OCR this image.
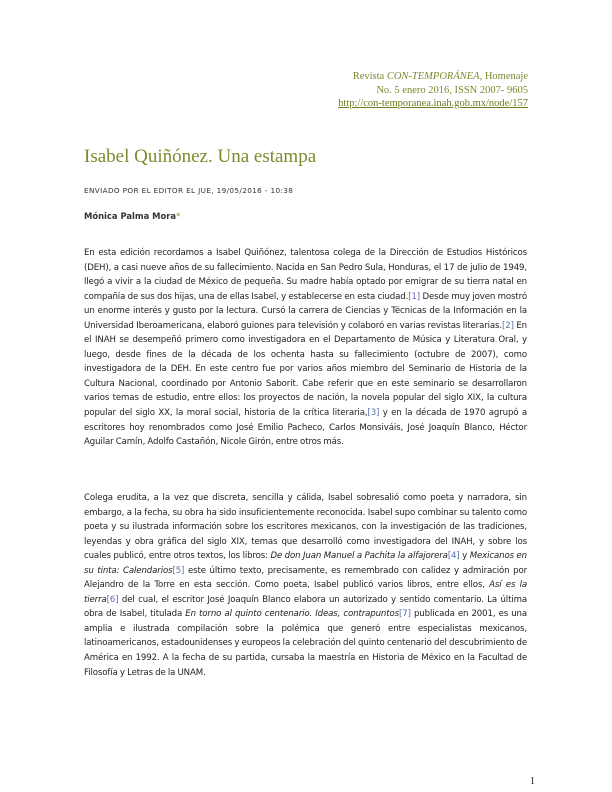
Revista CON-TEMPORÁNEA, Homenaje
No. 5 enero 2016, ISSN 2007- 9605
http://con-temporanea.inah.gob.mx/node/157
Isabel Quiñónez. Una estampa
ENVIADO POR EL EDITOR EL JUE, 19/05/2016 - 10:38
Mónica Palma Mora*
En esta edición recordamos a Isabel Quiñónez, talentosa colega de la Dirección de Estudios Históricos (DEH), a casi nueve años de su fallecimiento. Nacida en San Pedro Sula, Honduras, el 17 de julio de 1949, llegó a vivir a la ciudad de México de pequeña. Su madre había optado por emigrar de su tierra natal en compañía de sus dos hijas, una de ellas Isabel, y establecerse en esta ciudad.[1] Desde muy joven mostró un enorme interés y gusto por la lectura. Cursó la carrera de Ciencias y Técnicas de la Información en la Universidad Iberoamericana, elaboró guiones para televisión y colaboró en varias revistas literarias.[2] En el INAH se desempeñó primero como investigadora en el Departamento de Música y Literatura Oral, y luego, desde fines de la década de los ochenta hasta su fallecimiento (octubre de 2007), como investigadora de la DEH. En este centro fue por varios años miembro del Seminario de Historia de la Cultura Nacional, coordinado por Antonio Saborit. Cabe referir que en este seminario se desarrollaron varios temas de estudio, entre ellos: los proyectos de nación, la novela popular del siglo XIX, la cultura popular del siglo XX, la moral social, historia de la crítica literaria,[3] y en la década de 1970 agrupó a escritores hoy renombrados como José Emilio Pacheco, Carlos Monsiváis, José Joaquín Blanco, Héctor Aguilar Camín, Adolfo Castañón, Nicole Girón, entre otros más.
Colega erudita, a la vez que discreta, sencilla y cálida, Isabel sobresalió como poeta y narradora, sin embargo, a la fecha, su obra ha sido insuficientemente reconocida. Isabel supo combinar su talento como poeta y su ilustrada información sobre los escritores mexicanos, con la investigación de las tradiciones, leyendas y obra gráfica del siglo XIX, temas que desarrolló como investigadora del INAH, y sobre los cuales publicó, entre otros textos, los libros: De don Juan Manuel a Pachita la alfajorera[4] y Mexicanos en su tinta: Calendarios[5] este último texto, precisamente, es remembrado con calidez y admiración por Alejandro de la Torre en esta sección. Como poeta, Isabel publicó varios libros, entre ellos, Así es la tierra[6] del cual, el escritor José Joaquín Blanco elabora un autorizado y sentido comentario. La última obra de Isabel, titulada En torno al quinto centenario. Ideas, contrapuntos[7] publicada en 2001, es una amplia e ilustrada compilación sobre la polémica que generó entre especialistas mexicanos, latinoamericanos, estadounidenses y europeos la celebración del quinto centenario del descubrimiento de América en 1992. A la fecha de su partida, cursaba la maestría en Historia de México en la Facultad de Filosofía y Letras de la UNAM.
1
